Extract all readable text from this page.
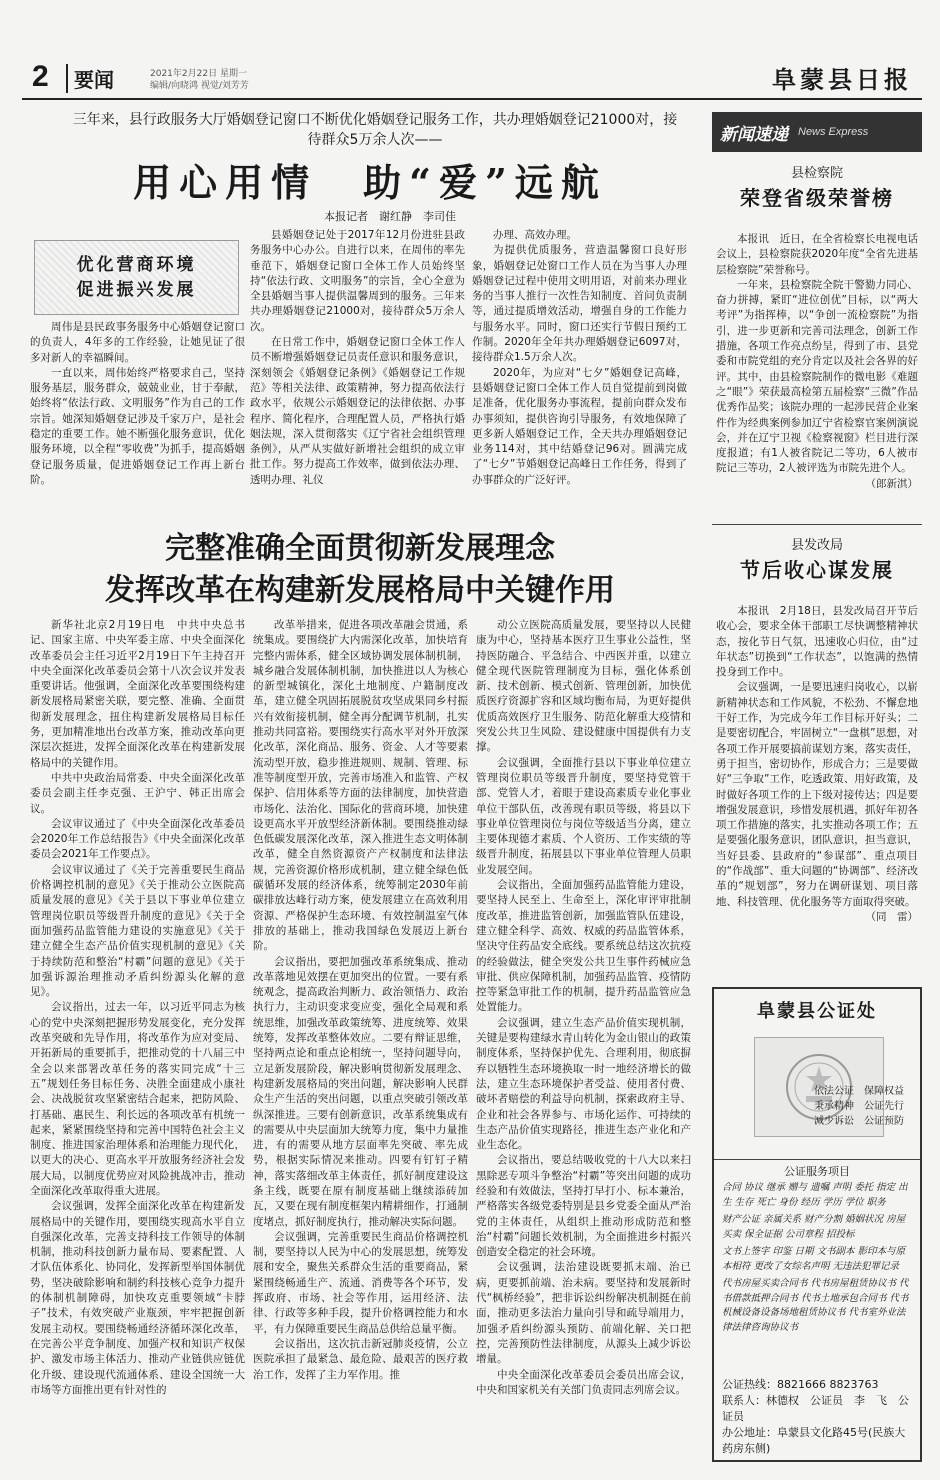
2	要闻	2021年2月22日 星期一
编辑/向晓鸿 视觉/刘芳芳	阜蒙县日报
三年来，县行政服务大厅婚姻登记窗口不断优化婚姻登记服务工作，共办理婚姻登记21000对，接待群众5万余人次——
用心用情　助“爱”远航
本报记者　谢红静　李司佳
优化营商环境
促进振兴发展

周伟是县民政事务服务中心婚姻登记窗口的负责人，4年多的工作经验，让她见证了很多对新人的幸福瞬间。

一直以来，周伟始终严格要求自己，坚持服务基层，服务群众，兢兢业业，甘于奉献，始终将“依法行政、文明服务”作为自己的工作宗旨。她深知婚姻登记涉及千家万户，是社会稳定的重要工作。她不断强化服务意识，优化服务环境，以全程“零收费”为抓手，提高婚姻登记服务质量，促进婚姻登记工作再上新台阶。

县婚姻登记处于2017年12月份进驻县政务服务中心办公。自进行以来，在周伟的率先垂范下，婚姻登记窗口全体工作人员始终坚持“依法行政、文明服务”的宗旨，全心全意为全县婚姻当事人提供温馨周到的服务。三年来共办理婚姻登记21000对，接待群众5万余人次。

在日常工作中，婚姻登记窗口全体工作人员不断增强婚姻登记员责任意识和服务意识，深刻领会《婚姻登记条例》《婚姻登记工作规范》等相关法律、政策精神，努力提高依法行政水平，依规公示婚姻登记的法律依据、办事程序、简化程序，合理配置人员，严格执行婚姻法规，深入贯彻落实《辽宁省社会组织管理条例》，从严从实做好新增社会组织的成立审批工作。努力提高工作效率，做到依法办理、透明办理、礼仪

办理、高效办理。

为提供优质服务，营造温馨窗口良好形象，婚姻登记处窗口工作人员在为当事人办理婚姻登记过程中使用文明用语，对前来办理业务的当事人推行一次性告知制度、首问负责制等，通过提质增效活动，增强自身的工作能力与服务水平。同时，窗口还实行节假日预约工作制。2020年全年共办理婚姻登记6097对，接待群众1.5万余人次。

2020年，为应对“七夕”婚姻登记高峰，县婚姻登记窗口全体工作人员自觉提前到岗做足准备，优化服务办事流程，提前向群众发布办事须知，提供咨询引导服务，有效地保障了更多新人婚姻登记工作，全天共办理婚姻登记业务114对，其中结婚登记96对。圆满完成了“七夕”节婚姻登记高峰日工作任务，得到了办事群众的广泛好评。

完整准确全面贯彻新发展理念
发挥改革在构建新发展格局中关键作用

新华社北京2月19日电　中共中央总书记、国家主席、中央军委主席、中央全面深化改革委员会主任习近平2月19日下午主持召开中央全面深化改革委员会第十八次会议并发表重要讲话。他强调，全面深化改革要围绕构建新发展格局紧密关联，要完整、准确、全面贯彻新发展理念，扭住构建新发展格局目标任务，更加精准地出台改革方案，推动改革向更深层次挺进，发挥全面深化改革在构建新发展格局中的关键作用。

中共中央政治局常委、中央全面深化改革委员会副主任李克强、王沪宁、韩正出席会议。

会议审议通过了《中央全面深化改革委员会2020年工作总结报告》《中央全面深化改革委员会2021年工作要点》。

会议审议通过了《关于完善重要民生商品价格调控机制的意见》《关于推动公立医院高质量发展的意见》《关于县以下事业单位建立管理岗位职员等级晋升制度的意见》《关于全面加强药品监管能力建设的实施意见》《关于建立健全生态产品价值实现机制的意见》《关于持续防范和整治“村霸”问题的意见》《关于加强诉源治理推动矛盾纠纷源头化解的意见》。

会议指出，过去一年，以习近平同志为核心的党中央深刻把握形势发展变化，充分发挥改革突破和先导作用，将改革作为应对变局、开拓新局的重要抓手，把推动党的十八届三中全会以来部署改革任务的落实同完成“十三五”规划任务目标任务、决胜全面建成小康社会、决战脱贫攻坚紧密结合起来，把防风险、打基础、惠民生、利长远的各项改革有机统一起来，紧紧围绕坚持和完善中国特色社会主义制度、推进国家治理体系和治理能力现代化，以更大的决心、更高水平开放服务经济社会发展大局，以制度优势应对风险挑战冲击，推动全面深化改革取得重大进展。

会议强调，发挥全面深化改革在构建新发展格局中的关键作用，要围绕实现高水平自立自强深化改革，完善支持科技工作领导的体制机制，推动科技创新力量布局、要素配置、人才队伍体系化、协同化，发挥新型举国体制优势，坚决破除影响和制约科技核心竞争力提升的体制机制障碍，加快攻克重要领域“卡脖子”技术，有效突破产业瓶颈，牢牢把握创新发展主动权。要围绕畅通经济循环深化改革，在完善公平竞争制度、加强产权和知识产权保护、激发市场主体活力、推动产业链供应链优化升级、建设现代流通体系、建设全国统一大市场等方面推出更有针对性的

改革举措来，促进各项改革融会贯通，系统集成。要围绕扩大内需深化改革，加快培育完整内需体系，健全区域协调发展体制机制，城乡融合发展体制机制，加快推进以人为核心的新型城镇化，深化土地制度、户籍制度改革，建立健全巩固拓展脱贫攻坚成果同乡村振兴有效衔接机制，健全再分配调节机制，扎实推动共同富裕。要围绕实行高水平对外开放深化改革，深化商品、服务、资金、人才等要素流动型开放，稳步推进规则、规制、管理、标准等制度型开放，完善市场准入和监管、产权保护、信用体系等方面的法律制度，加快营造市场化、法治化、国际化的营商环境，加快建设更高水平开放型经济新体制。要围绕推动绿色低碳发展深化改革，深入推进生态文明体制改革，健全自然资源资产产权制度和法律法规，完善资源价格形成机制，建立健全绿色低碳循环发展的经济体系，统筹制定2030年前碳排放达峰行动方案，使发展建立在高效利用资源、严格保护生态环境、有效控制温室气体排放的基础上，推动我国绿色发展迈上新台阶。

会议指出，要把加强改革系统集成、推动改革落地见效摆在更加突出的位置。一要有系统观念，提高政治判断力、政治领悟力、政治执行力，主动识变求变应变，强化全局观和系统思维，加强改革政策统筹、进度统筹、效果统筹，发挥改革整体效应。二要有辩证思维，坚持两点论和重点论相统一，坚持问题导向，立足新发展阶段，解决影响贯彻新发展理念、构建新发展格局的突出问题，解决影响人民群众生产生活的突出问题，以重点突破引领改革纵深推进。三要有创新意识，改革系统集成有的需要从中央层面加大统筹力度，集中力量推进，有的需要从地方层面率先突破、率先成势，根据实际情况来推动。四要有钉钉子精神，落实落细改革主体责任，抓好制度建设这条主线，既要在原有制度基础上继续添砖加瓦，又要在现有制度框架内精耕细作，打通制度堵点，抓好制度执行，推动解决实际问题。

会议强调，完善重要民生商品价格调控机制，要坚持以人民为中心的发展思想，统筹发展和安全，聚焦关系群众生活的重要商品，紧紧围绕畅通生产、流通、消费等各个环节，发挥政府、市场、社会等作用，运用经济、法律、行政等多种手段，提升价格调控能力和水平，有力保障重要民生商品总供给总量平衡。

会议指出，这次抗击新冠肺炎疫情，公立医院承担了最紧急、最危险、最艰苦的医疗救治工作，发挥了主力军作用。推

动公立医院高质量发展，要坚持以人民健康为中心，坚持基本医疗卫生事业公益性，坚持医防融合、平急结合、中西医并重，以建立健全现代医院管理制度为目标，强化体系创新、技术创新、模式创新、管理创新，加快优质医疗资源扩容和区域均衡布局，为更好提供优质高效医疗卫生服务、防范化解重大疫情和突发公共卫生风险、建设健康中国提供有力支撑。

会议强调，全面推行县以下事业单位建立管理岗位职员等级晋升制度，要坚持党管干部、党管人才，着眼于建设高素质专业化事业单位干部队伍，改善现有职员等级，将县以下事业单位管理岗位与岗位等级适当分离，建立主要体现德才素质、个人资历、工作实绩的等级晋升制度，拓展县以下事业单位管理人员职业发展空间。

会议指出，全面加强药品监管能力建设，要坚持人民至上、生命至上，深化审评审批制度改革，推进监管创新，加强监管队伍建设，建立健全科学、高效、权威的药品监管体系，坚决守住药品安全底线。要系统总结这次抗疫的经验做法，健全突发公共卫生事件药械应急审批、供应保障机制，加强药品监管、疫情防控等紧急审批工作的机制，提升药品监管应急处置能力。

会议强调，建立生态产品价值实现机制，关键是要构建绿水青山转化为金山银山的政策制度体系，坚持保护优先、合理利用，彻底摒弃以牺牲生态环境换取一时一地经济增长的做法，建立生态环境保护者受益、使用者付费、破坏者赔偿的利益导向机制，探索政府主导、企业和社会各界参与、市场化运作、可持续的生态产品价值实现路径，推进生态产业化和产业生态化。

会议指出，要总结吸收党的十八大以来扫黑除恶专项斗争整治“村霸”等突出问题的成功经验和有效做法，坚持打早打小、标本兼治，严格落实各级党委特别是县乡党委全面从严治党的主体责任，从组织上推动形成防范和整治“村霸”问题长效机制，为全面推进乡村振兴创造安全稳定的社会环境。

会议强调，法治建设既要抓末端、治已病，更要抓前端、治未病。要坚持和发展新时代“枫桥经验”，把非诉讼纠纷解决机制挺在前面，推动更多法治力量向引导和疏导端用力，加强矛盾纠纷源头预防、前端化解、关口把控，完善预防性法律制度，从源头上减少诉讼增量。

中央全面深化改革委员会委员出席会议，中央和国家机关有关部门负责同志列席会议。

新闻速递 News Express
县检察院
荣登省级荣誉榜

本报讯　近日，在全省检察长电视电话会议上，县检察院获2020年度“全省先进基层检察院”荣誉称号。

一年来，县检察院全院干警勠力同心、奋力拼搏，紧盯“进位创优”目标，以“两大考评”为指挥棒，以“争创一流检察院”为指引，进一步更新和完善司法理念，创新工作措施，各项工作亮点纷呈，得到了市、县党委和市院党组的充分肯定以及社会各界的好评。其中，由县检察院制作的微电影《难题之“眼”》荣获最高检第五届检察“三微”作品优秀作品奖；该院办理的一起涉民营企业案件作为经典案例参加辽宁省检察官案例演说会，并在辽宁卫视《检察视窗》栏目进行深度报道；有1人被省院记二等功，6人被市院记三等功，2人被评选为市院先进个人。

（郎新淇）
县发改局
节后收心谋发展

本报讯　2月18日，县发改局召开节后收心会，要求全体干部职工尽快调整精神状态，按化节日气氛，迅速收心归位，由“过年状态”切换到“工作状态”，以饱满的热情投身到工作中。

会议强调，一是要迅速归岗收心，以崭新精神状态和工作风貌，不松劲、不懈怠地干好工作，为完成今年工作目标开好头；二是要密切配合，牢固树立“一盘棋”思想，对各项工作开展要搞前谋划方案，落实责任，勇于担当，密切协作，形成合力；三是要做好“三争取”工作，吃透政策、用好政策，及时做好各项工作的上下级对接传达；四是要增强发展意识，珍惜发展机遇，抓好年初各项工作措施的落实，扎实推动各项工作；五是要强化服务意识，团队意识，担当意识，当好县委、县政府的“参谋部”、重点项目的“作战部”、重大问题的“协调部”、经济改革的“规划部”，努力在调研谋划、项目落地、科技管理、优化服务等方面取得突破。

（同　雷）
阜蒙县公证处
依法公证　保障权益
秉承精神　公证先行
减少诉讼　公证预防
公证服务项目
合同 协议 继承 赠与 遗嘱 声明 委托 指定 出生 生存 死亡 身份 经历 学历 学位 职务
财产公证 亲属关系 财产分割 婚姻状况 房屋买卖 保全证据 公司章程 招投标
文书上签字 印鉴 日期 文书副本 影印本与原本相符 更改了女综名声明 无违法犯罪记录
代书房屋买卖合同书 代书房屋租赁协议书 代书借款抵押合同书 代书土地承包合同书 代书机械设备设备场地租赁协议书 代书室外业法律法律咨询协议书
公证热线：8821666 8823763
联系人：林德权　公证员　李　飞　公证员
办公地址：阜蒙县文化路45号(民族大药房东侧)
